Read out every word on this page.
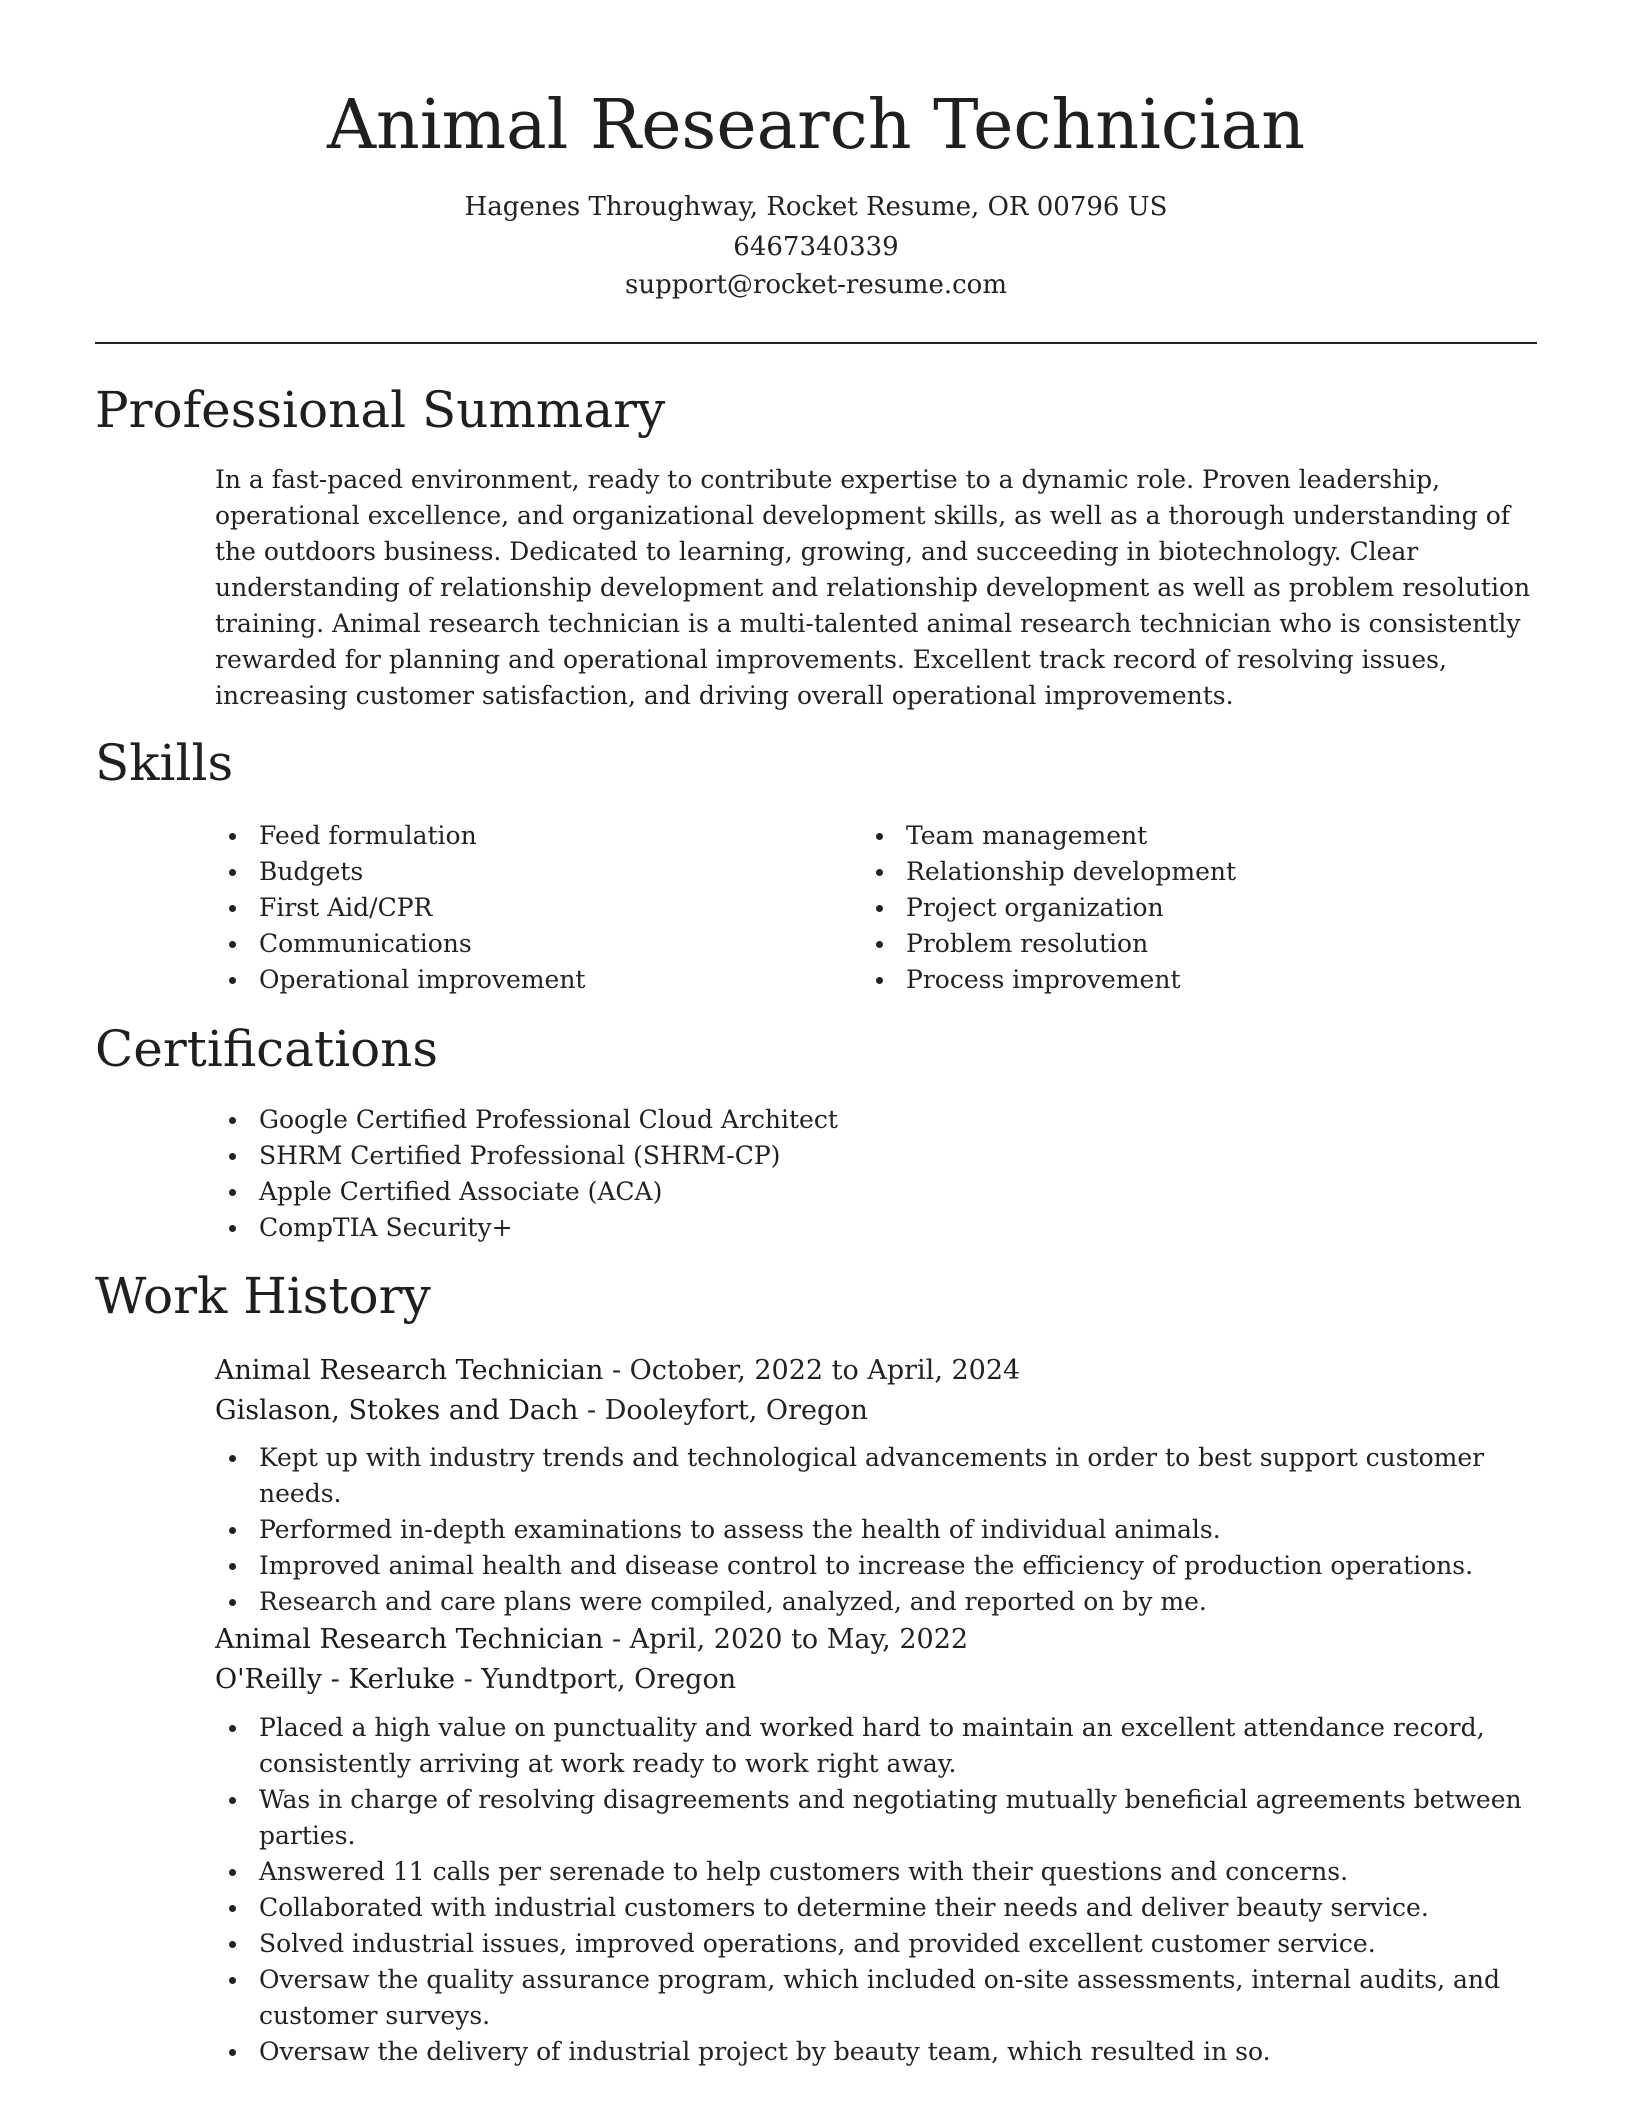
Animal Research Technician
Hagenes Throughway, Rocket Resume, OR 00796 US
6467340339
support@rocket-resume.com
Professional Summary

In a fast-paced environment, ready to contribute expertise to a dynamic role. Proven leadership, operational excellence, and organizational development skills, as well as a thorough understanding of the outdoors business. Dedicated to learning, growing, and succeeding in biotechnology. Clear understanding of relationship development and relationship development as well as problem resolution training. Animal research technician is a multi-talented animal research technician who is consistently rewarded for planning and operational improvements. Excellent track record of resolving issues, increasing customer satisfaction, and driving overall operational improvements.

Skills
Feed formulation
Budgets
First Aid/CPR
Communications
Operational improvement
Team management
Relationship development
Project organization
Problem resolution
Process improvement
Certifications
Google Certified Professional Cloud Architect
SHRM Certified Professional (SHRM-CP)
Apple Certified Associate (ACA)
CompTIA Security+
Work History
Animal Research Technician - October, 2022 to April, 2024
Gislason, Stokes and Dach - Dooleyfort, Oregon
Kept up with industry trends and technological advancements in order to best support customer needs.
Performed in-depth examinations to assess the health of individual animals.
Improved animal health and disease control to increase the efficiency of production operations.
Research and care plans were compiled, analyzed, and reported on by me.
Animal Research Technician - April, 2020 to May, 2022
O'Reilly - Kerluke - Yundtport, Oregon
Placed a high value on punctuality and worked hard to maintain an excellent attendance record, consistently arriving at work ready to work right away.
Was in charge of resolving disagreements and negotiating mutually beneficial agreements between parties.
Answered 11 calls per serenade to help customers with their questions and concerns.
Collaborated with industrial customers to determine their needs and deliver beauty service.
Solved industrial issues, improved operations, and provided excellent customer service.
Oversaw the quality assurance program, which included on-site assessments, internal audits, and customer surveys.
Oversaw the delivery of industrial project by beauty team, which resulted in so.
